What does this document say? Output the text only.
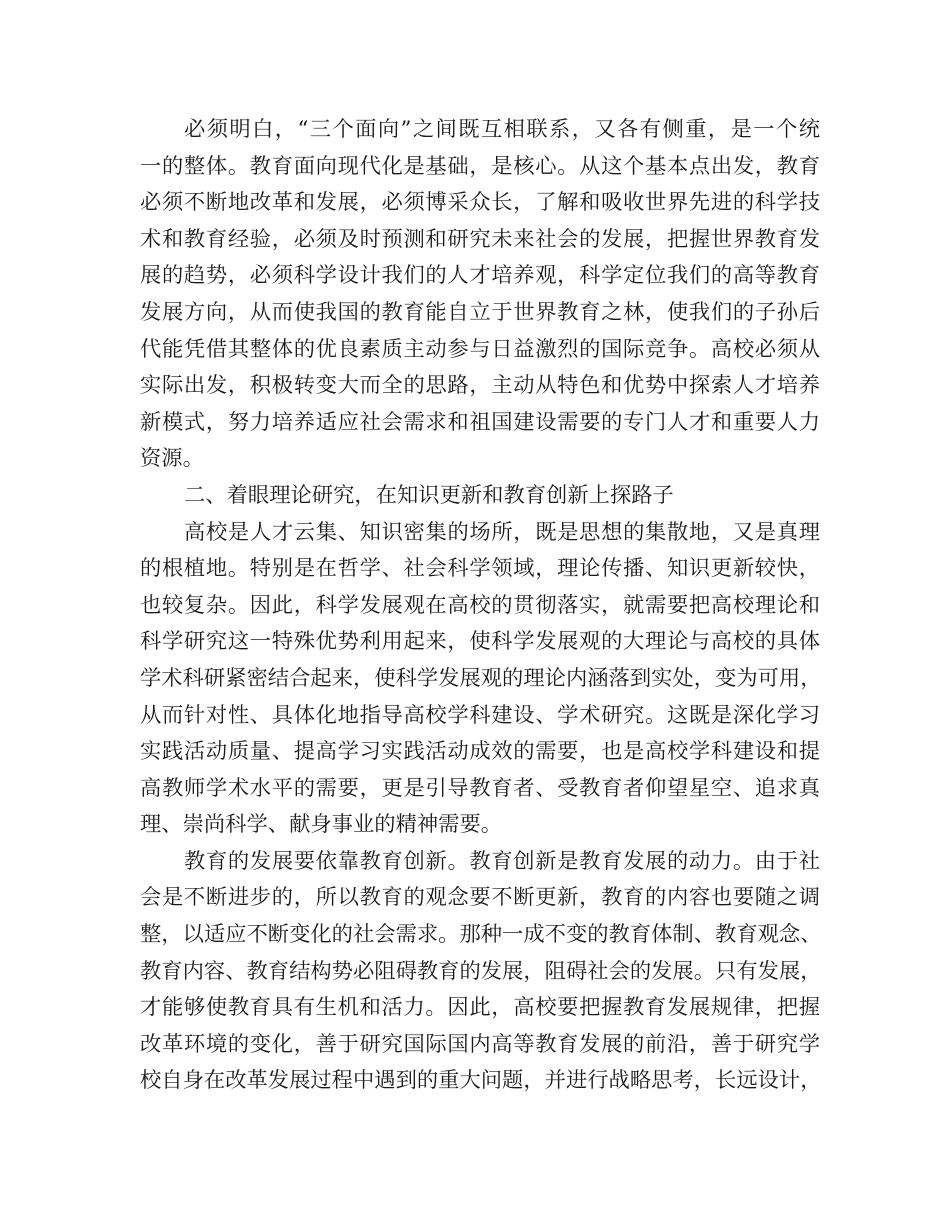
必须明白，“三个面向”之间既互相联系，又各有侧重，是一个统
一的整体。教育面向现代化是基础，是核心。从这个基本点出发，教育
必须不断地改革和发展，必须博采众长，了解和吸收世界先进的科学技
术和教育经验，必须及时预测和研究未来社会的发展，把握世界教育发
展的趋势，必须科学设计我们的人才培养观，科学定位我们的高等教育
发展方向，从而使我国的教育能自立于世界教育之林，使我们的子孙后
代能凭借其整体的优良素质主动参与日益激烈的国际竞争。高校必须从
实际出发，积极转变大而全的思路，主动从特色和优势中探索人才培养
新模式，努力培养适应社会需求和祖国建设需要的专门人才和重要人力
资源。
二、着眼理论研究，在知识更新和教育创新上探路子
高校是人才云集、知识密集的场所，既是思想的集散地，又是真理
的根植地。特别是在哲学、社会科学领域，理论传播、知识更新较快，
也较复杂。因此，科学发展观在高校的贯彻落实，就需要把高校理论和
科学研究这一特殊优势利用起来，使科学发展观的大理论与高校的具体
学术科研紧密结合起来，使科学发展观的理论内涵落到实处，变为可用，
从而针对性、具体化地指导高校学科建设、学术研究。这既是深化学习
实践活动质量、提高学习实践活动成效的需要，也是高校学科建设和提
高教师学术水平的需要，更是引导教育者、受教育者仰望星空、追求真
理、崇尚科学、献身事业的精神需要。
教育的发展要依靠教育创新。教育创新是教育发展的动力。由于社
会是不断进步的，所以教育的观念要不断更新，教育的内容也要随之调
整，以适应不断变化的社会需求。那种一成不变的教育体制、教育观念、
教育内容、教育结构势必阻碍教育的发展，阻碍社会的发展。只有发展，
才能够使教育具有生机和活力。因此，高校要把握教育发展规律，把握
改革环境的变化，善于研究国际国内高等教育发展的前沿，善于研究学
校自身在改革发展过程中遇到的重大问题，并进行战略思考，长远设计，
